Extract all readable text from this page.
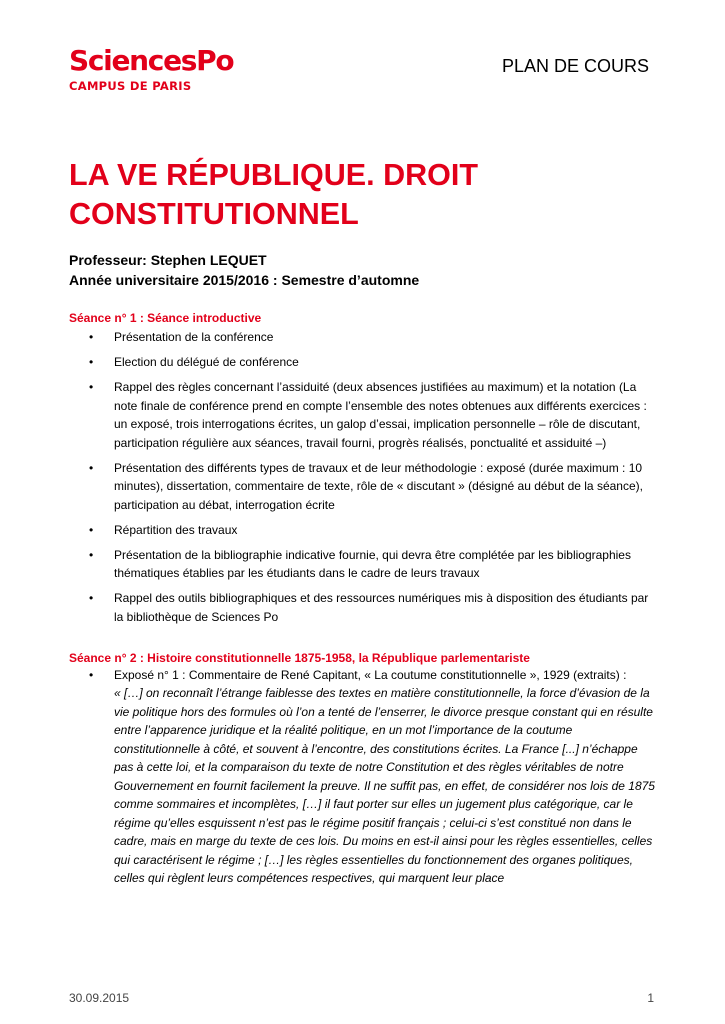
SciencesPo
CAMPUS DE PARIS
PLAN DE COURS
LA VE RÉPUBLIQUE. DROIT
CONSTITUTIONNEL
Professeur: Stephen LEQUET
Année universitaire 2015/2016 : Semestre d’automne
Séance n° 1 : Séance introductive
• Présentation de la conférence
• Election du délégué de conférence
• Rappel des règles concernant l’assiduité (deux absences justifiées au maximum) et la notation (La note finale de conférence prend en compte l’ensemble des notes obtenues aux différents exercices : un exposé, trois interrogations écrites, un galop d’essai, implication personnelle – rôle de discutant, participation régulière aux séances, travail fourni, progrès réalisés, ponctualité et assiduité –)
• Présentation des différents types de travaux et de leur méthodologie : exposé (durée maximum : 10 minutes), dissertation, commentaire de texte, rôle de « discutant » (désigné au début de la séance), participation au débat, interrogation écrite
• Répartition des travaux
• Présentation de la bibliographie indicative fournie, qui devra être complétée par les bibliographies thématiques établies par les étudiants dans le cadre de leurs travaux
• Rappel des outils bibliographiques et des ressources numériques mis à disposition des étudiants par la bibliothèque de Sciences Po
Séance n° 2 : Histoire constitutionnelle 1875-1958, la République parlementariste
• Exposé n° 1 : Commentaire de René Capitant, « La coutume constitutionnelle », 1929 (extraits) :
« […] on reconnaît l’étrange faiblesse des textes en matière constitutionnelle, la force d’évasion de la vie politique hors des formules où l’on a tenté de l’enserrer, le divorce presque constant qui en résulte entre l’apparence juridique et la réalité politique, en un mot l’importance de la coutume constitutionnelle à côté, et souvent à l’encontre, des constitutions écrites. La France [...] n’échappe pas à cette loi, et la comparaison du texte de notre Constitution et des règles véritables de notre Gouvernement en fournit facilement la preuve. Il ne suffit pas, en effet, de considérer nos lois de 1875 comme sommaires et incomplètes, […] il faut porter sur elles un jugement plus catégorique, car le régime qu’elles esquissent n’est pas le régime positif français ; celui-ci s’est constitué non dans le cadre, mais en marge du texte de ces lois. Du moins en est-il ainsi pour les règles essentielles, celles qui caractérisent le régime ; […] les règles essentielles du fonctionnement des organes politiques, celles qui règlent leurs compétences respectives, qui marquent leur place
30.09.2015	1
